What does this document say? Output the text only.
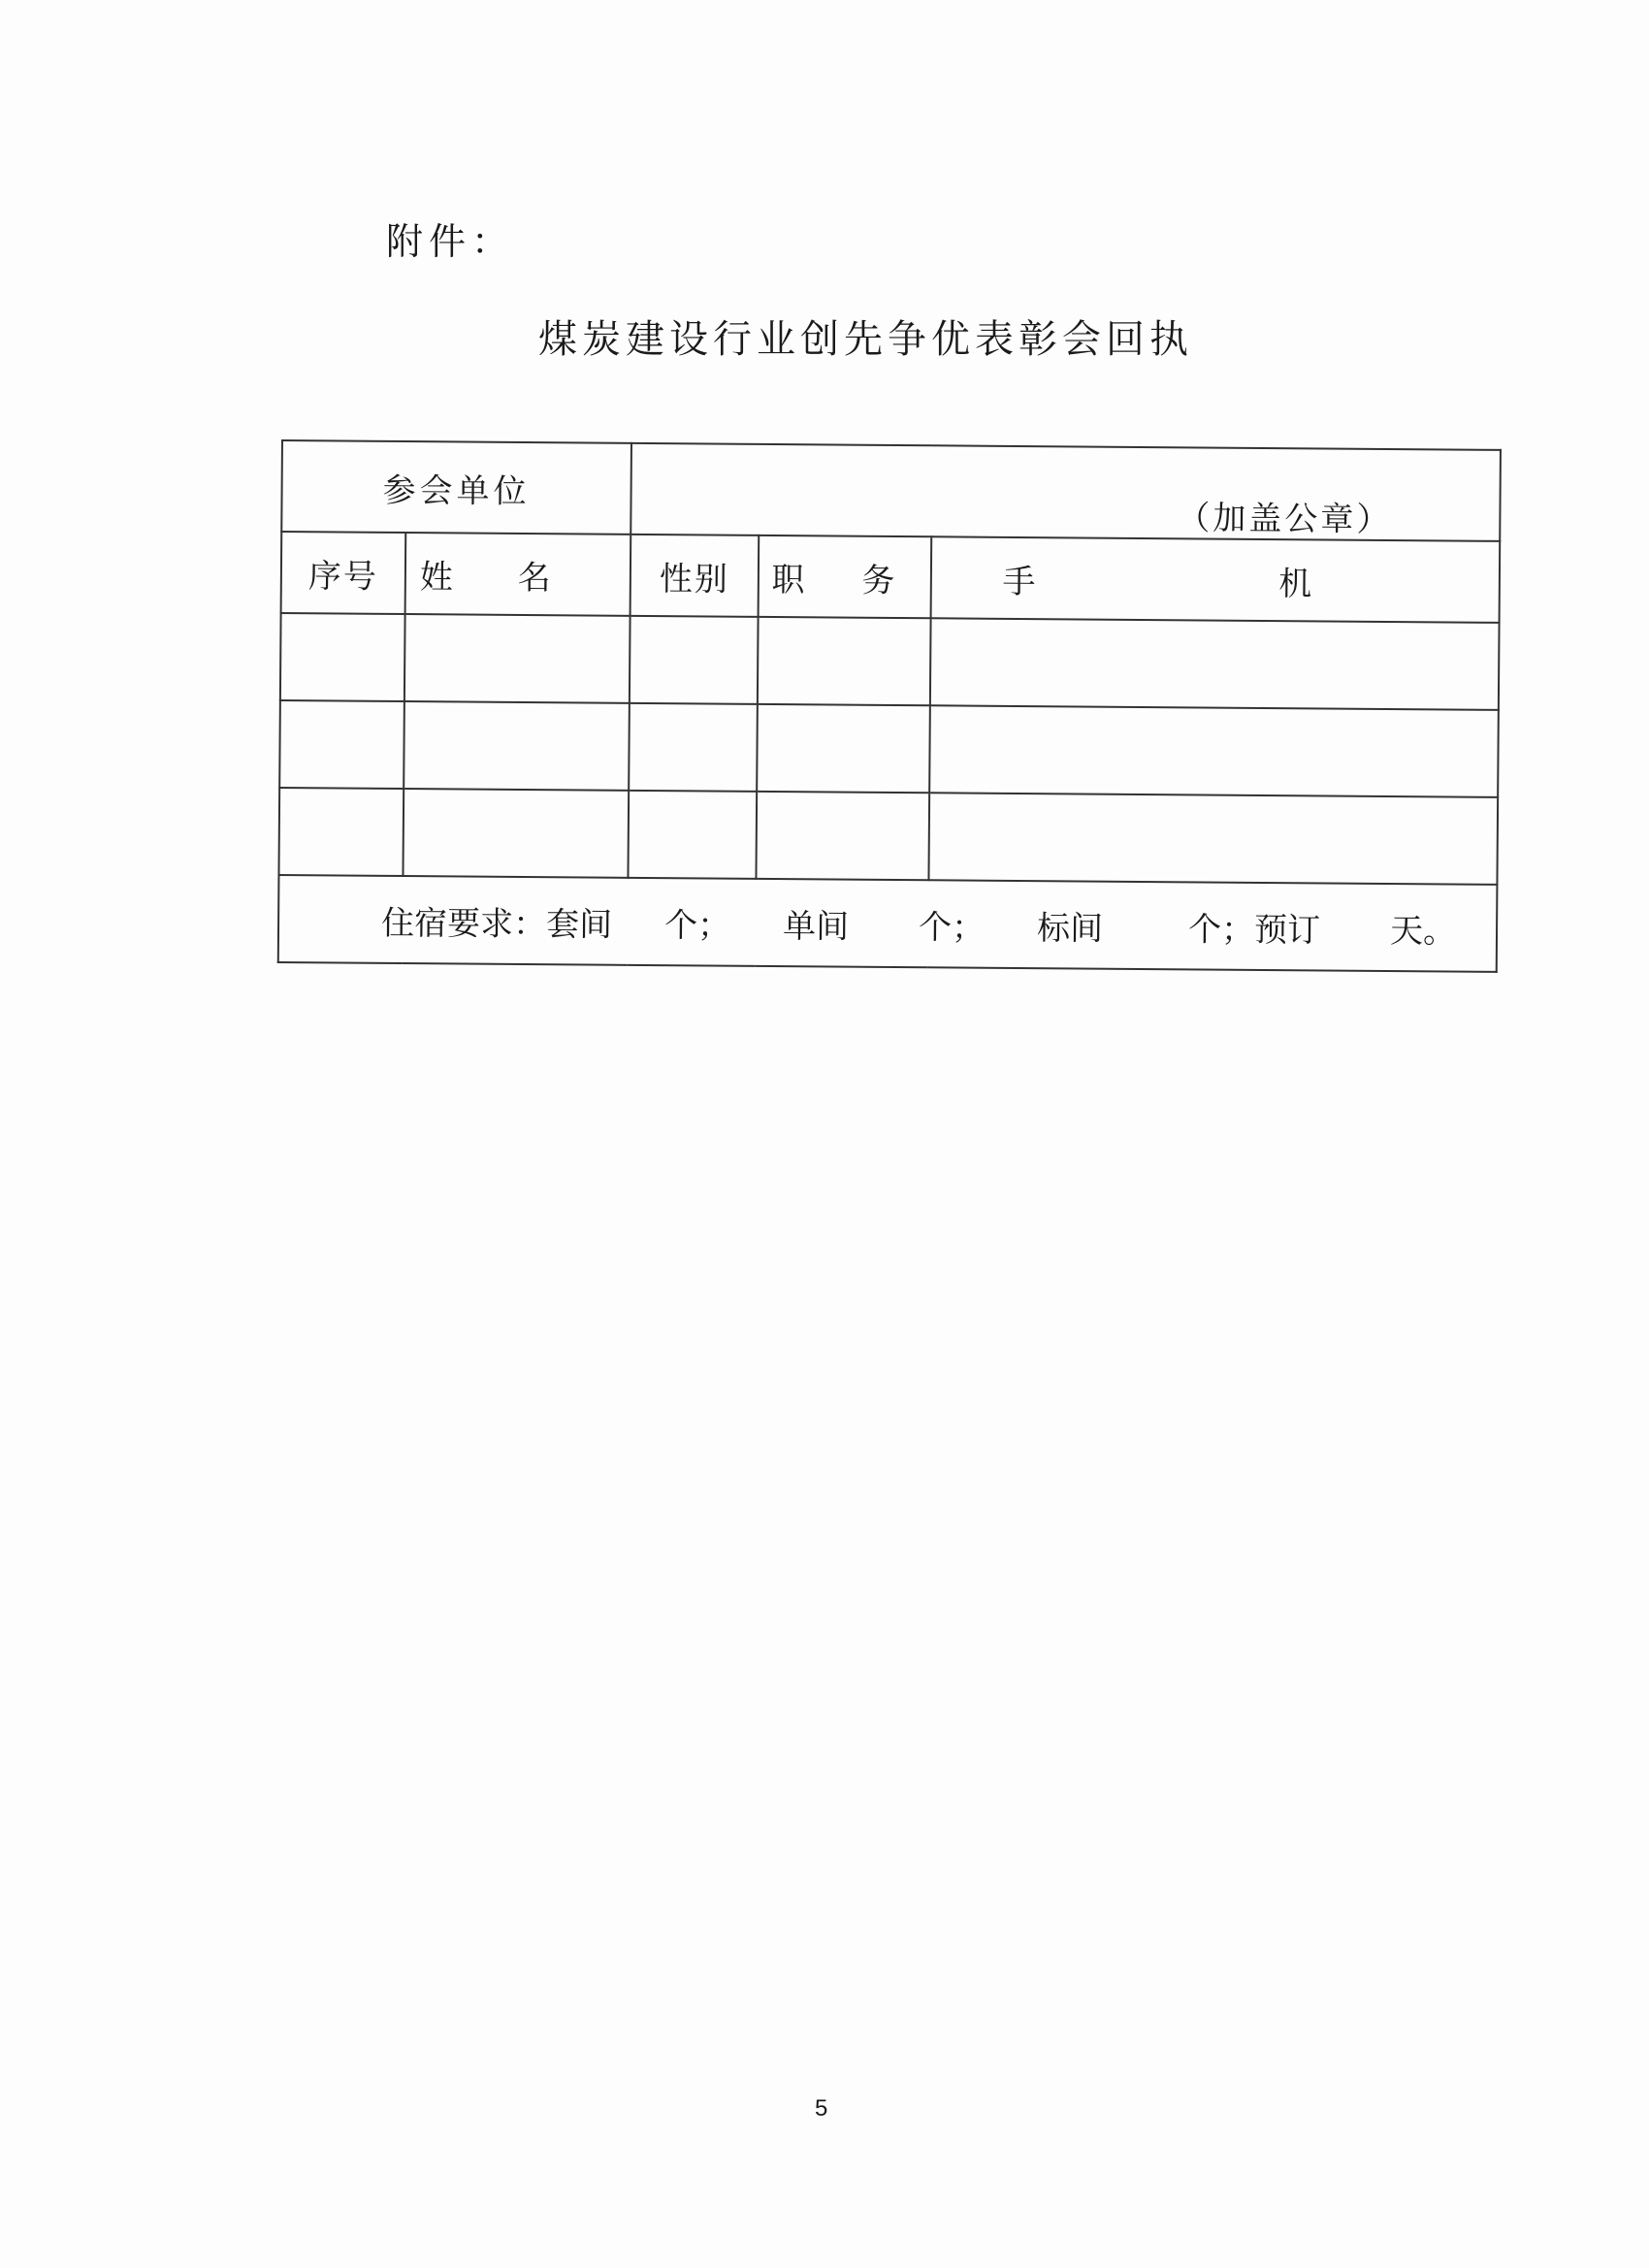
附件：
煤炭建设行业创先争优表彰会回执
参会单位		（加盖公章）		

序号	姓 名	性别	职 务	手 机

住宿要求：套间 个； 单间 个； 标间 个；预订 天。				
5
